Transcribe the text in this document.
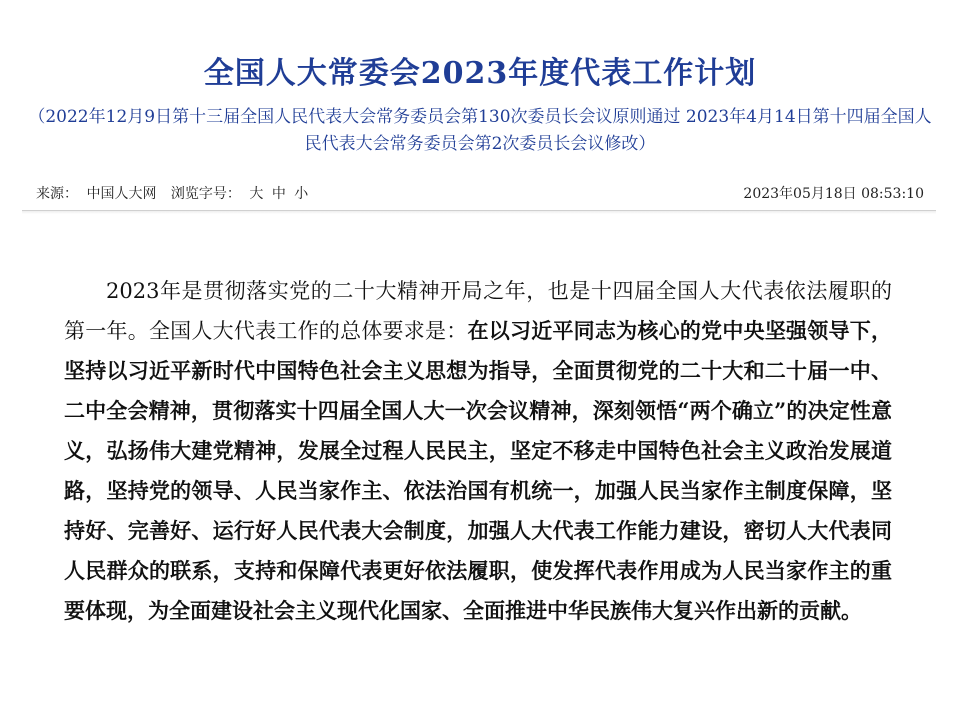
全国人大常委会2023年度代表工作计划
（2022年12月9日第十三届全国人民代表大会常务委员会第130次委员长会议原则通过 2023年4月14日第十四届全国人民代表大会常务委员会第2次委员长会议修改）
来源： 中国人大网 浏览字号： 大 中 小	2023年05月18日 08:53:10

2023年是贯彻落实党的二十大精神开局之年，也是十四届全国人大代表依法履职的第一年。全国人大代表工作的总体要求是：在以习近平同志为核心的党中央坚强领导下，坚持以习近平新时代中国特色社会主义思想为指导，全面贯彻党的二十大和二十届一中、二中全会精神，贯彻落实十四届全国人大一次会议精神，深刻领悟“两个确立”的决定性意义，弘扬伟大建党精神，发展全过程人民民主，坚定不移走中国特色社会主义政治发展道路，坚持党的领导、人民当家作主、依法治国有机统一，加强人民当家作主制度保障，坚持好、完善好、运行好人民代表大会制度，加强人大代表工作能力建设，密切人大代表同人民群众的联系，支持和保障代表更好依法履职，使发挥代表作用成为人民当家作主的重要体现，为全面建设社会主义现代化国家、全面推进中华民族伟大复兴作出新的贡献。
